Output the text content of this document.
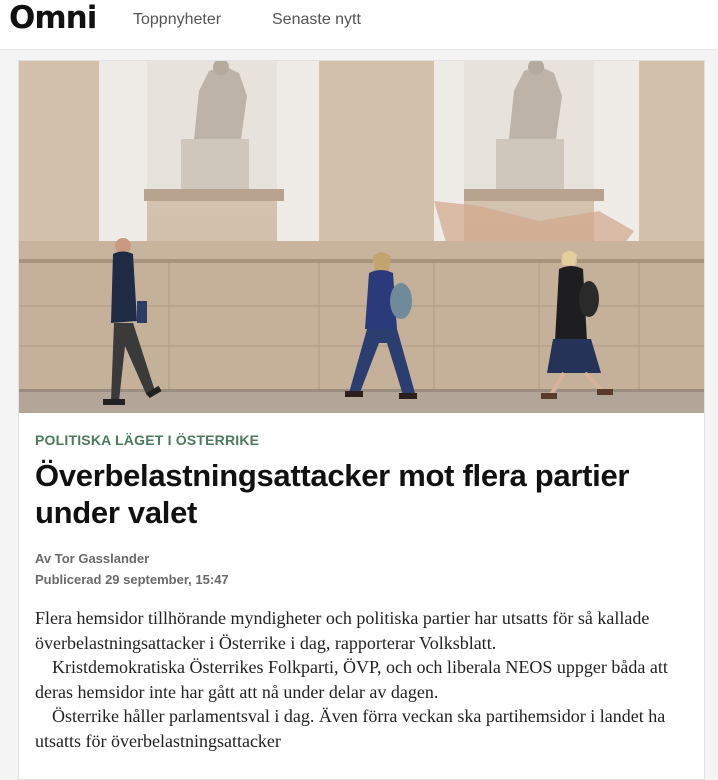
Omni Toppnyheter	Senaste nytt
POLITISKA LÄGET I ÖSTERRIKE
Överbelastningsattacker mot flera partier under valet
Av Tor Gasslander
Publicerad 29 september, 15:47

Flera hemsidor tillhörande myndigheter och politiska partier har utsatts för så kallade överbelastningsattacker i Österrike i dag, rapporterar Volksblatt.

Kristdemokratiska Österrikes Folkparti, ÖVP, och och liberala NEOS uppger båda att deras hemsidor inte har gått att nå under delar av dagen.

Österrike håller parlamentsval i dag. Även förra veckan ska partihemsidor i landet ha utsatts för överbelastningsattacker
